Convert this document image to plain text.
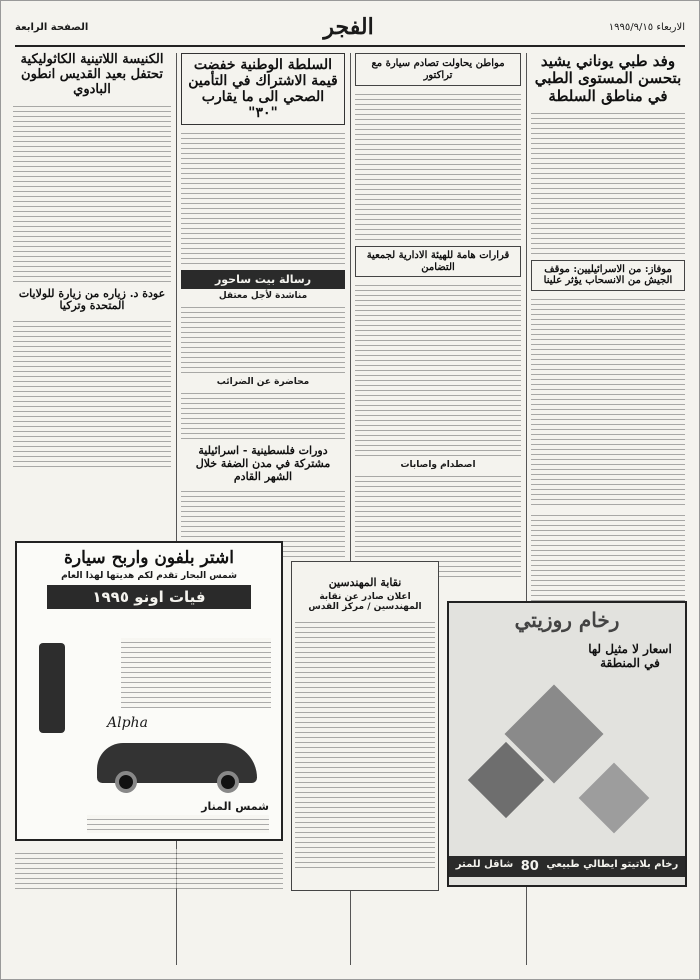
الاربعاء ١٩٩٥/٩/١٥
الفجر
الصفحة الرابعة
وفد طبي يوناني يشيد بتحسن المستوى الطبي في مناطق السلطة
موفاز: من الاسرائيليين: موقف الجيش من الانسحاب يؤثر علينا
مواطن يحاولت تصادم سيارة مع تراكتور
قرارات هامة للهيئة الادارية لجمعية التضامن
اصطدام واصابات
السلطة الوطنية خفضت قيمة الاشتراك في التأمين الصحي الى ما يقارب "٣٠"
رسالة بيت ساحور
مناشدة لأجل معتقل
محاضرة عن الضرائب
دورات فلسطينية - اسرائيلية مشتركة في مدن الضفة خلال الشهر القادم
الكنيسة اللاتينية الكاثوليكية تحتفل بعيد القديس انطون البادوي
عودة د. زياره من زيارة للولايات المتحدة وتركيا
اشتر بلفون واربح سيارة
شمس البحار تقدم لكم هديتها لهذا العام
فيات اونو ١٩٩٥
Alpha
شمس المنار
نقابة المهندسين
اعلان صادر عن نقابة المهندسين / مركز القدس
رخام روزيتي
اسعار لا مثيل لها في المنطقة
رخام بلاتيتو ايطالي طبيعي
80
شاقل للمتر
